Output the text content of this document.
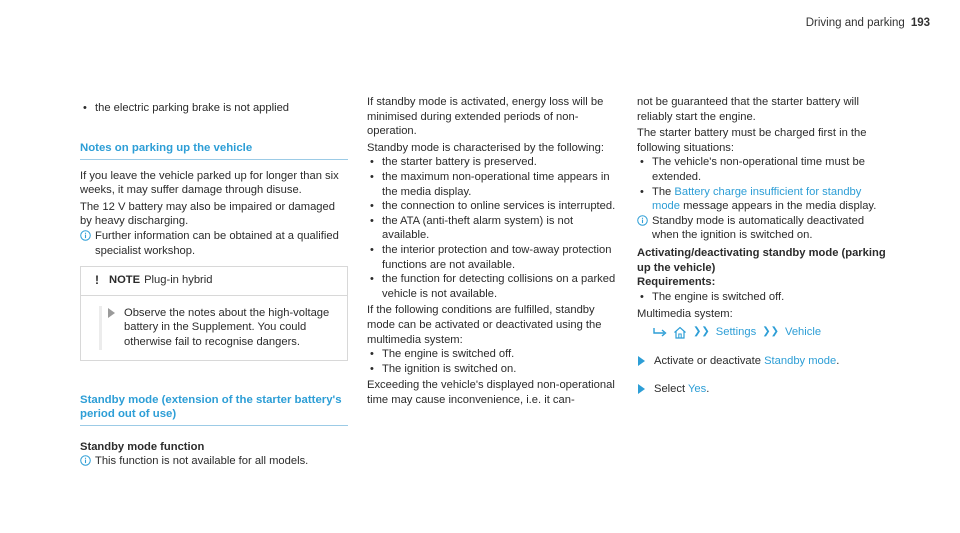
Driving and parking 193
• the electric parking brake is not applied
Notes on parking up the vehicle

If you leave the vehicle parked up for longer than six weeks, it may suffer damage through disuse.

The 12 V battery may also be impaired or damaged by heavy discharging.

Further information can be obtained at a qualified specialist workshop.
! NOTE Plug-in hybrid
Observe the notes about the high-voltage battery in the Supplement. You could otherwise fail to recognise dangers.
Standby mode (extension of the starter battery's period out of use)

Standby mode function

This function is not available for all models.

If standby mode is activated, energy loss will be minimised during extended periods of non-operation.

Standby mode is characterised by the following:

• the starter battery is preserved.
• the maximum non-operational time appears in the media display.
• the connection to online services is interrupted.
• the ATA (anti-theft alarm system) is not available.
• the interior protection and tow-away protection functions are not available.
• the function for detecting collisions on a parked vehicle is not available.

If the following conditions are fulfilled, standby mode can be activated or deactivated using the multimedia system:

• The engine is switched off.
• The ignition is switched on.

Exceeding the vehicle's displayed non-operational time may cause inconvenience, i.e. it can-

not be guaranteed that the starter battery will reliably start the engine.

The starter battery must be charged first in the following situations:

• The vehicle's non-operational time must be extended.
• The Battery charge insufficient for standby mode message appears in the media display.
Standby mode is automatically deactivated when the ignition is switched on.

Activating/deactivating standby mode (parking up the vehicle)

Requirements:

• The engine is switched off.

Multimedia system:

❯❯ Settings ❯❯ Vehicle
Activate or deactivate Standby mode.
Select Yes.
